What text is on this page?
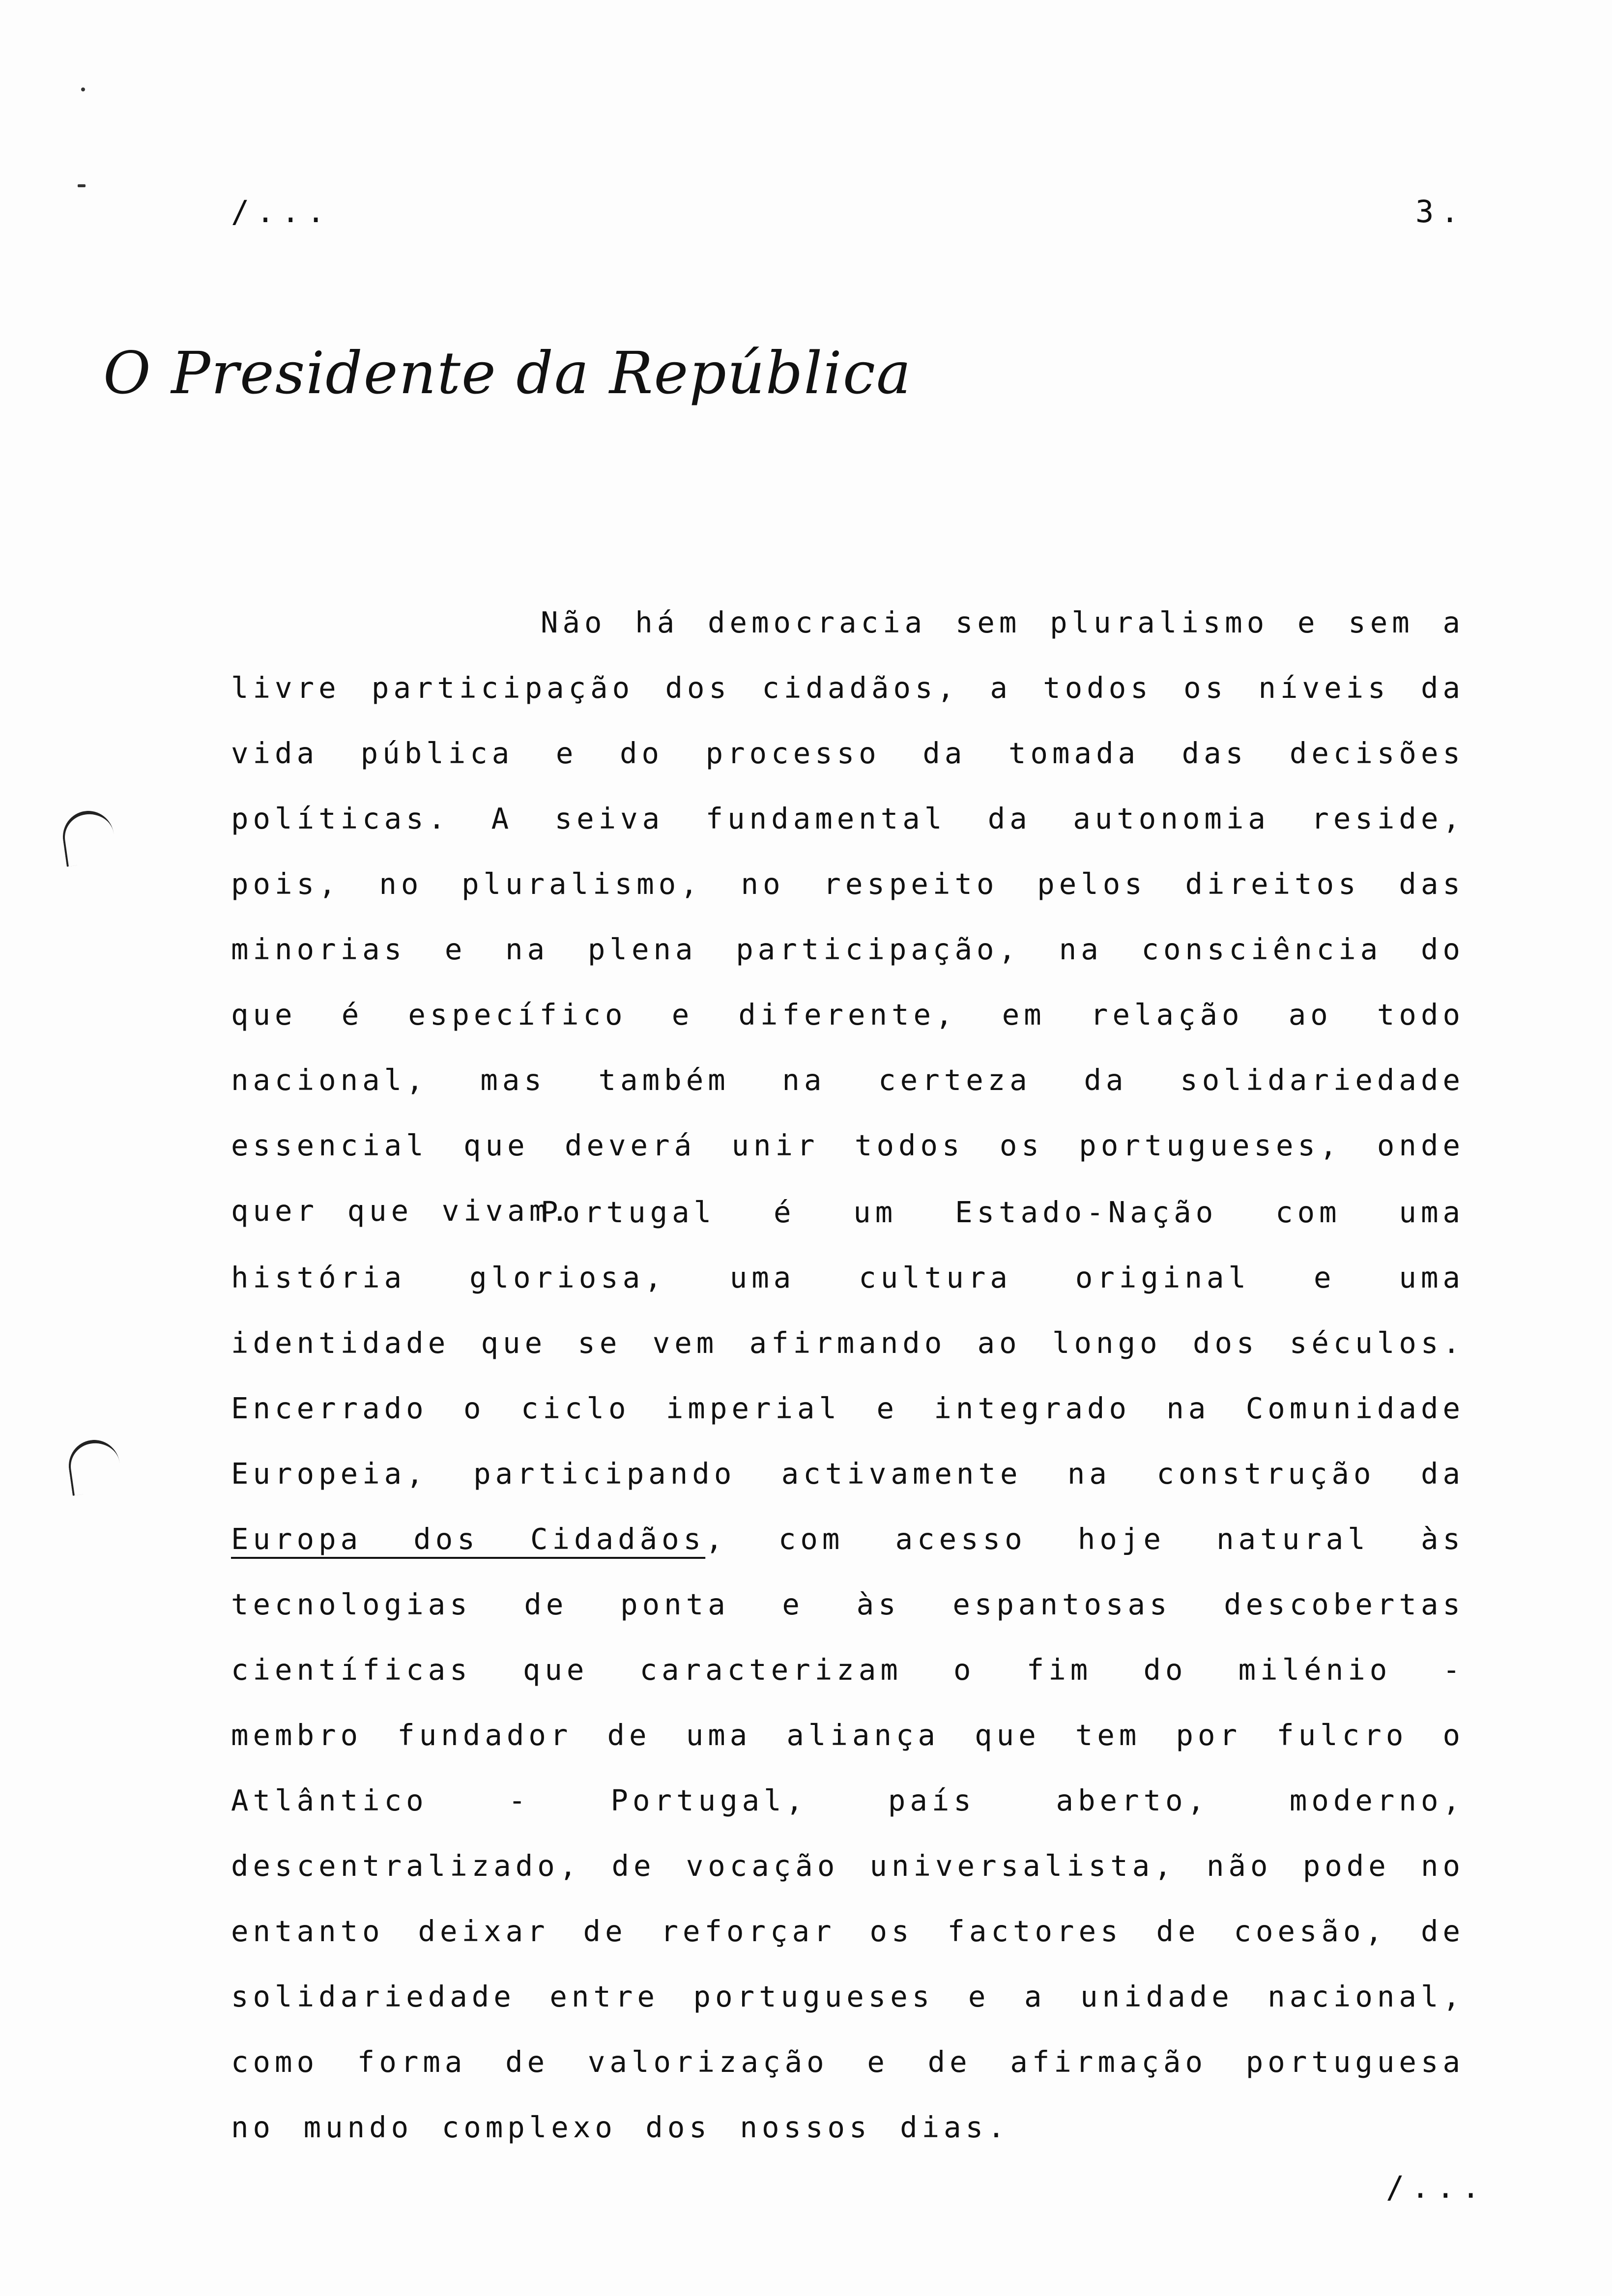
/...	3.
O Presidente da República

Não há democracia sem pluralismo e sem a livre participação dos cidadãos, a todos os níveis da vida pública e do processo da tomada das decisões políticas. A seiva fundamental da autonomia reside, pois, no pluralismo, no respeito pelos direitos das minorias e na plena participação, na consciência do que é específico e diferente, em relação ao todo nacional, mas também na certeza da solidariedade essencial que deverá unir todos os portugueses, onde quer que vivam.

Portugal é um Estado-Nação com uma história gloriosa, uma cultura original e uma identidade que se vem afirmando ao longo dos séculos. Encerrado o ciclo imperial e integrado na Comunidade Europeia, participando activamente na construção da Europa dos Cidadãos, com acesso hoje natural às tecnologias de ponta e às espantosas descobertas científicas que caracterizam o fim do milénio - membro fundador de uma aliança que tem por fulcro o Atlântico - Portugal, país aberto, moderno, descentralizado, de vocação universalista, não pode no entanto deixar de reforçar os factores de coesão, de solidariedade entre portugueses e a unidade nacional, como forma de valorização e de afirmação portuguesa no mundo complexo dos nossos dias.

/...
